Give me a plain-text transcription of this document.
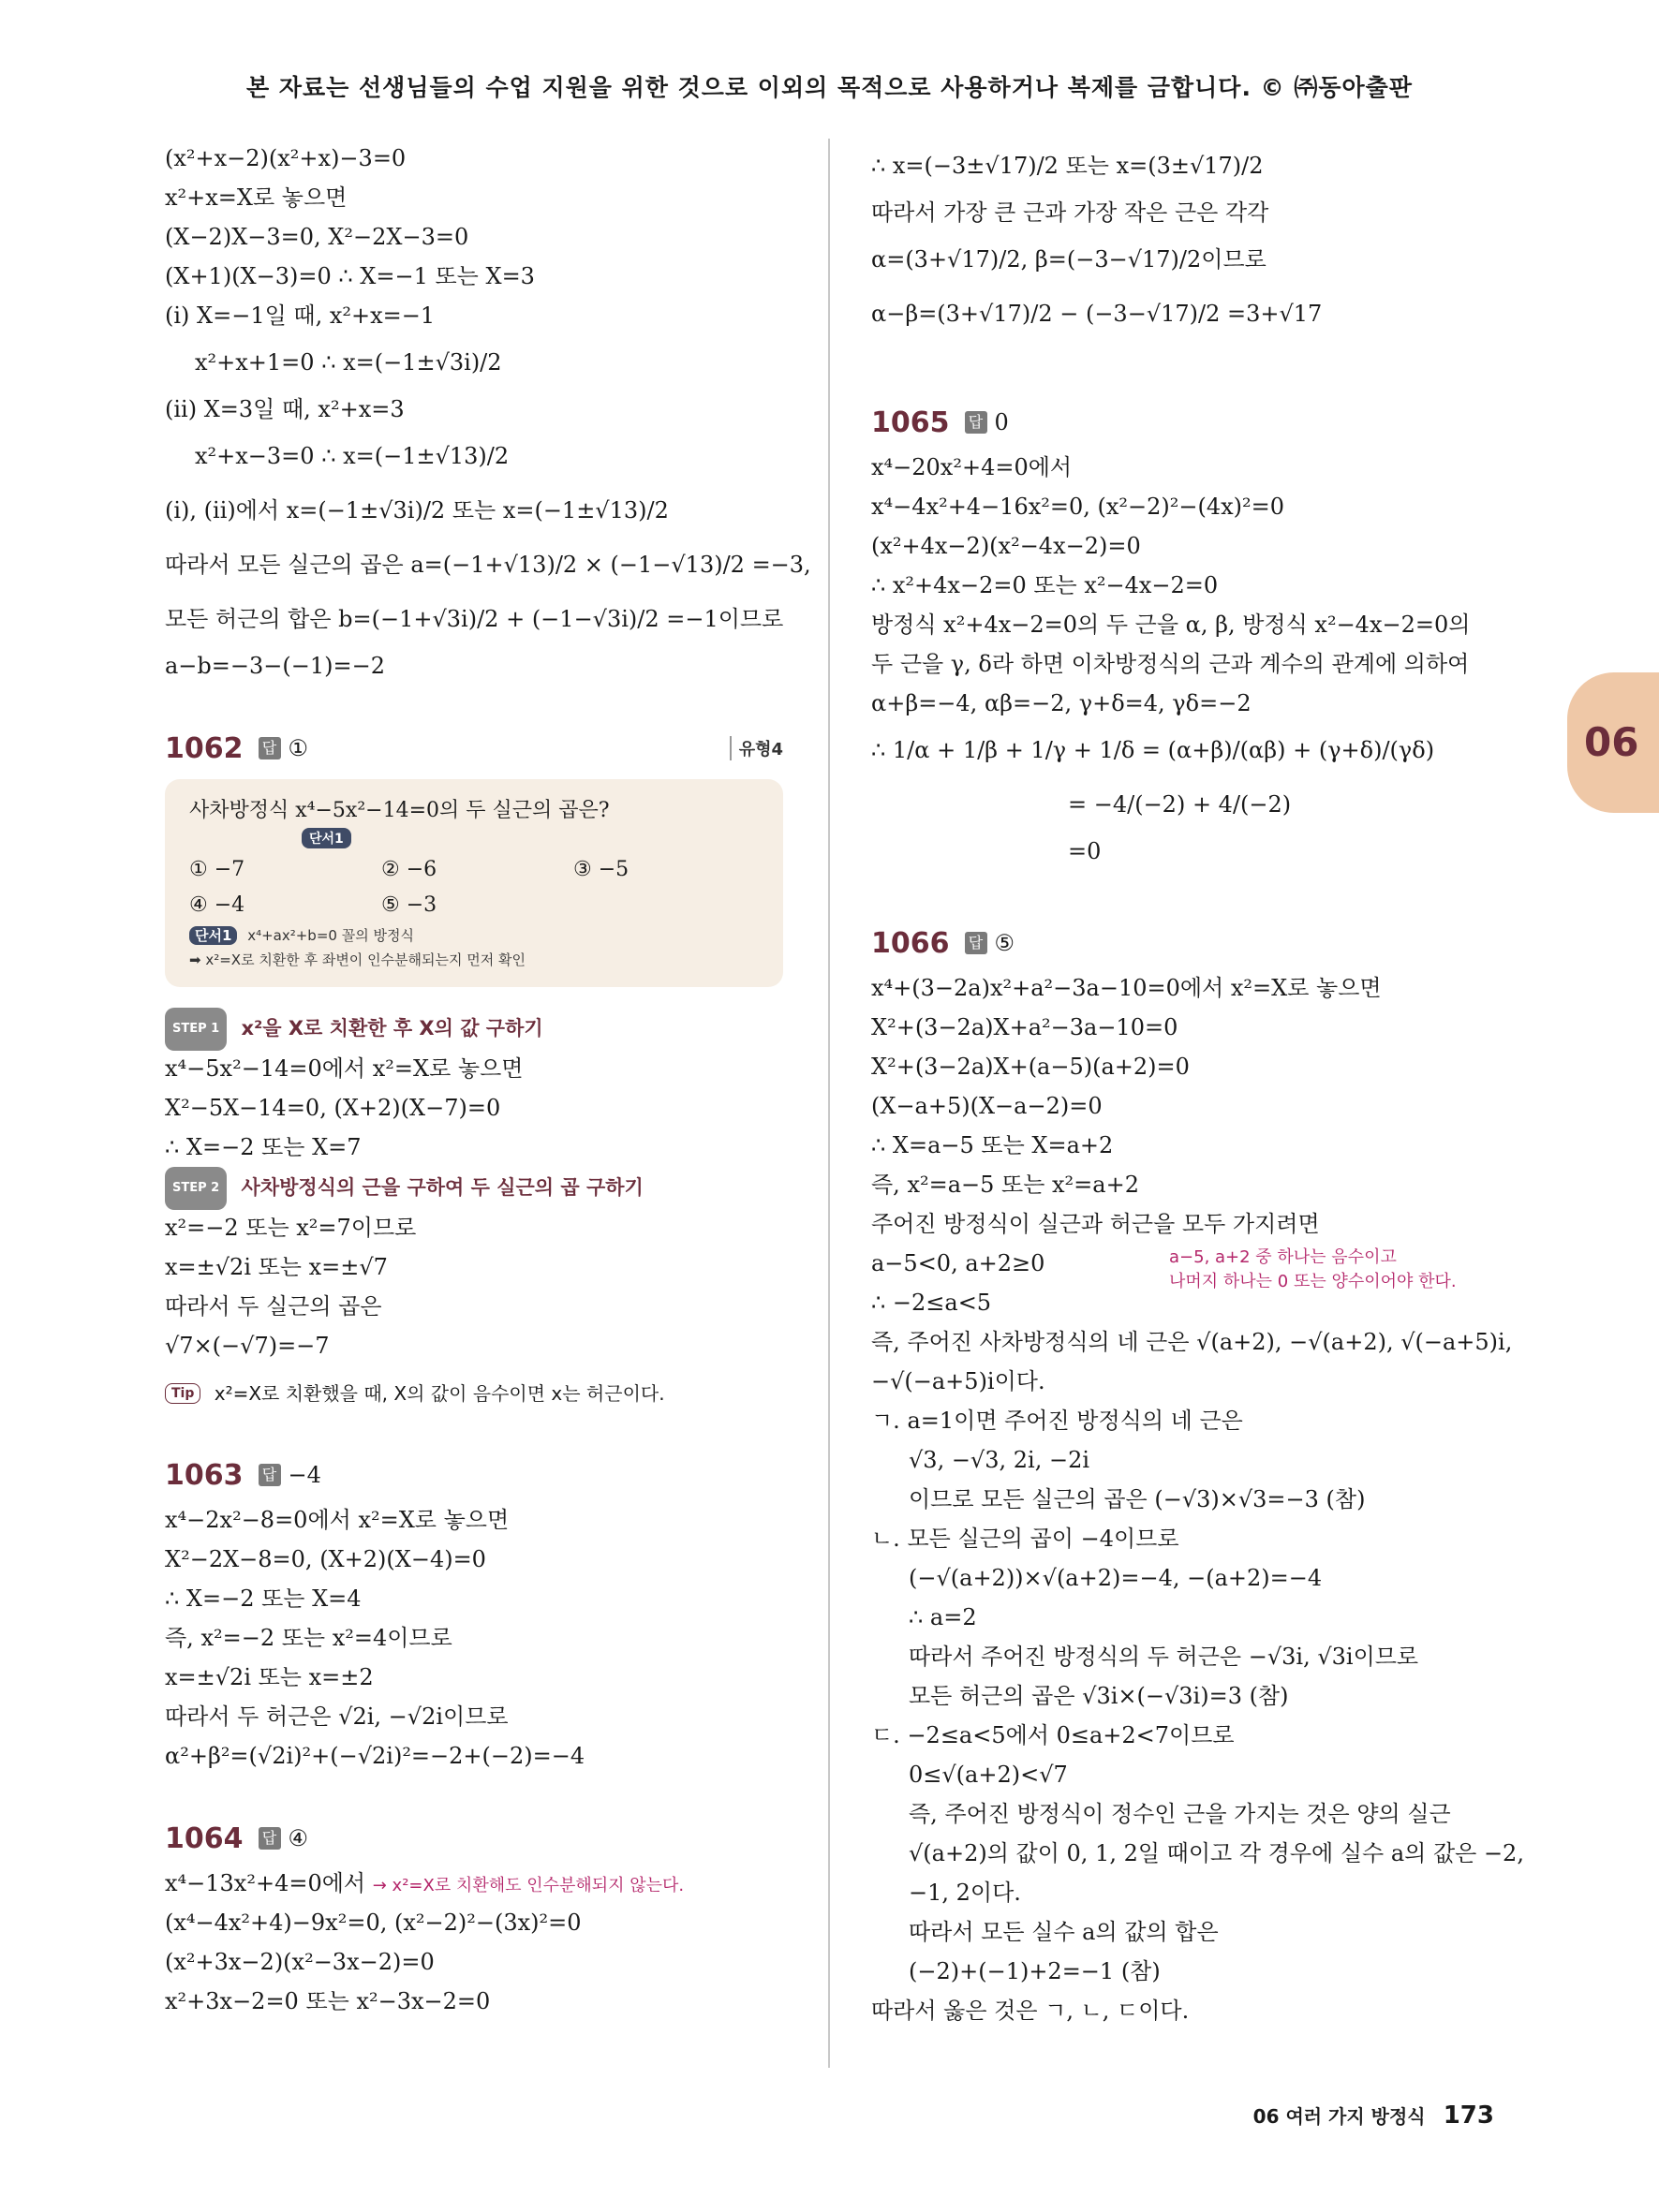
본 자료는 선생님들의 수업 지원을 위한 것으로 이외의 목적으로 사용하거나 복제를 금합니다. © ㈜동아출판
(x²+x−2)(x²+x)−3=0
x²+x=X로 놓으면
(X−2)X−3=0, X²−2X−3=0
(X+1)(X−3)=0 ∴ X=−1 또는 X=3
(i) X=−1일 때, x²+x=−1
x²+x+1=0 ∴ x=(−1±√3i)/2
(ii) X=3일 때, x²+x=3
x²+x−3=0 ∴ x=(−1±√13)/2
(i), (ii)에서 x=(−1±√3i)/2 또는 x=(−1±√13)/2
따라서 모든 실근의 곱은 a=(−1+√13)/2 × (−1−√13)/2 =−3,
모든 허근의 합은 b=(−1+√3i)/2 + (−1−√3i)/2 =−1이므로
a−b=−3−(−1)=−2
1062 답 ①	유형4
사차방정식 x⁴−5x²−14=0의 두 실근의 곱은?
단서1
① −7	② −6	③ −5
④ −4	⑤ −3
단서1 x⁴+ax²+b=0 꼴의 방정식
➡ x²=X로 치환한 후 좌변이 인수분해되는지 먼저 확인
STEP 1 x²을 X로 치환한 후 X의 값 구하기
x⁴−5x²−14=0에서 x²=X로 놓으면
X²−5X−14=0, (X+2)(X−7)=0
∴ X=−2 또는 X=7
STEP 2 사차방정식의 근을 구하여 두 실근의 곱 구하기
x²=−2 또는 x²=7이므로
x=±√2i 또는 x=±√7
따라서 두 실근의 곱은
√7×(−√7)=−7
Tip x²=X로 치환했을 때, X의 값이 음수이면 x는 허근이다.
1063 답 −4
x⁴−2x²−8=0에서 x²=X로 놓으면
X²−2X−8=0, (X+2)(X−4)=0
∴ X=−2 또는 X=4
즉, x²=−2 또는 x²=4이므로
x=±√2i 또는 x=±2
따라서 두 허근은 √2i, −√2i이므로
α²+β²=(√2i)²+(−√2i)²=−2+(−2)=−4
1064 답 ④
x⁴−13x²+4=0에서 → x²=X로 치환해도 인수분해되지 않는다.
(x⁴−4x²+4)−9x²=0, (x²−2)²−(3x)²=0
(x²+3x−2)(x²−3x−2)=0
x²+3x−2=0 또는 x²−3x−2=0
∴ x=(−3±√17)/2 또는 x=(3±√17)/2
따라서 가장 큰 근과 가장 작은 근은 각각
α=(3+√17)/2, β=(−3−√17)/2이므로
α−β=(3+√17)/2 − (−3−√17)/2 =3+√17
1065 답 0
x⁴−20x²+4=0에서
x⁴−4x²+4−16x²=0, (x²−2)²−(4x)²=0
(x²+4x−2)(x²−4x−2)=0
∴ x²+4x−2=0 또는 x²−4x−2=0
방정식 x²+4x−2=0의 두 근을 α, β, 방정식 x²−4x−2=0의
두 근을 γ, δ라 하면 이차방정식의 근과 계수의 관계에 의하여
α+β=−4, αβ=−2, γ+δ=4, γδ=−2
∴ 1/α + 1/β + 1/γ + 1/δ = (α+β)/(αβ) + (γ+δ)/(γδ)
= −4/(−2) + 4/(−2)
=0
1066 답 ⑤
x⁴+(3−2a)x²+a²−3a−10=0에서 x²=X로 놓으면
X²+(3−2a)X+a²−3a−10=0
X²+(3−2a)X+(a−5)(a+2)=0
(X−a+5)(X−a−2)=0
∴ X=a−5 또는 X=a+2
즉, x²=a−5 또는 x²=a+2
주어진 방정식이 실근과 허근을 모두 가지려면
a−5<0, a+2≥0	a−5, a+2 중 하나는 음수이고
나머지 하나는 0 또는 양수이어야 한다.
∴ −2≤a<5
즉, 주어진 사차방정식의 네 근은 √(a+2), −√(a+2), √(−a+5)i,
−√(−a+5)i이다.
ㄱ. a=1이면 주어진 방정식의 네 근은
√3, −√3, 2i, −2i
이므로 모든 실근의 곱은 (−√3)×√3=−3 (참)
ㄴ. 모든 실근의 곱이 −4이므로
(−√(a+2))×√(a+2)=−4, −(a+2)=−4
∴ a=2
따라서 주어진 방정식의 두 허근은 −√3i, √3i이므로
모든 허근의 곱은 √3i×(−√3i)=3 (참)
ㄷ. −2≤a<5에서 0≤a+2<7이므로
0≤√(a+2)<√7
즉, 주어진 방정식이 정수인 근을 가지는 것은 양의 실근
√(a+2)의 값이 0, 1, 2일 때이고 각 경우에 실수 a의 값은 −2,
−1, 2이다.
따라서 모든 실수 a의 값의 합은
(−2)+(−1)+2=−1 (참)
따라서 옳은 것은 ㄱ, ㄴ, ㄷ이다.
06
06 여러 가지 방정식 173
